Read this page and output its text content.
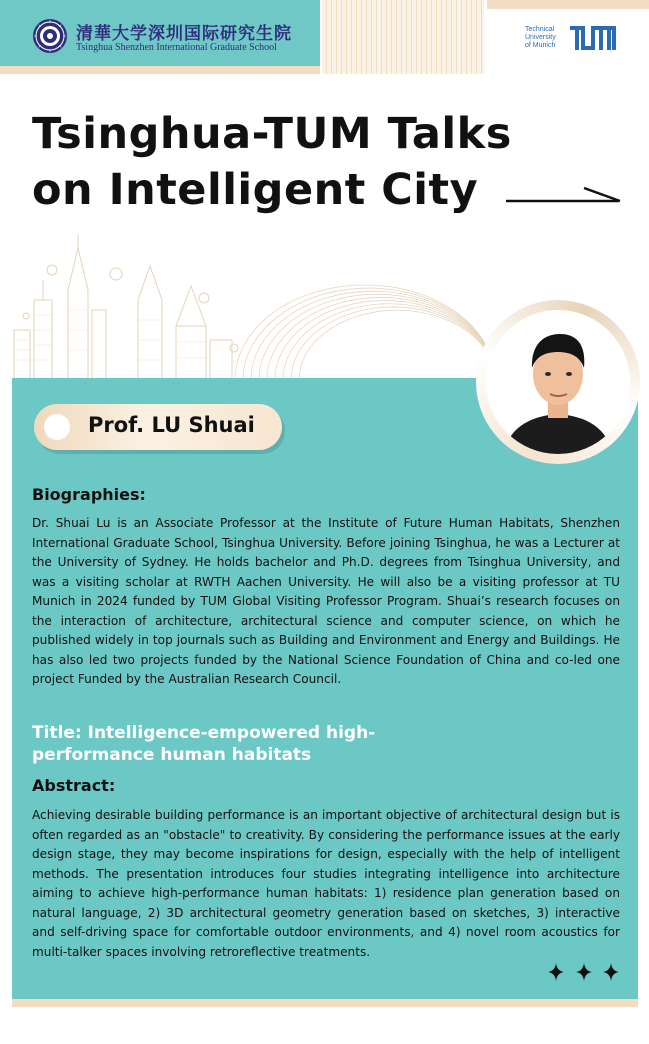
清華大学深圳国际研究生院
Tsinghua Shenzhen International Graduate School
Technical
University
of Munich
Tsinghua-TUM Talks
on Intelligent City
Prof. LU Shuai
Biographies:
Dr. Shuai Lu is an Associate Professor at the Institute of Future Human Habitats, Shenzhen International Graduate School, Tsinghua University. Before joining Tsinghua, he was a Lecturer at the University of Sydney. He holds bachelor and Ph.D. degrees from Tsinghua University, and was a visiting scholar at RWTH Aachen University. He will also be a visiting professor at TU Munich in 2024 funded by TUM Global Visiting Professor Program. Shuai’s research focuses on the interaction of architecture, architectural science and computer science, on which he published widely in top journals such as Building and Environment and Energy and Buildings. He has also led two projects funded by the National Science Foundation of China and co-led one project Funded by the Australian Research Council.
Title: Intelligence-empowered high-performance human habitats
Abstract:
Achieving desirable building performance is an important objective of architectural design but is often regarded as an "obstacle" to creativity. By considering the performance issues at the early design stage, they may become inspirations for design, especially with the help of intelligent methods. The presentation introduces four studies integrating intelligence into architecture aiming to achieve high-performance human habitats: 1) residence plan generation based on natural language, 2) 3D architectural geometry generation based on sketches, 3) interactive and self-driving space for comfortable outdoor environments, and 4) novel room acoustics for multi-talker spaces involving retroreflective treatments.
